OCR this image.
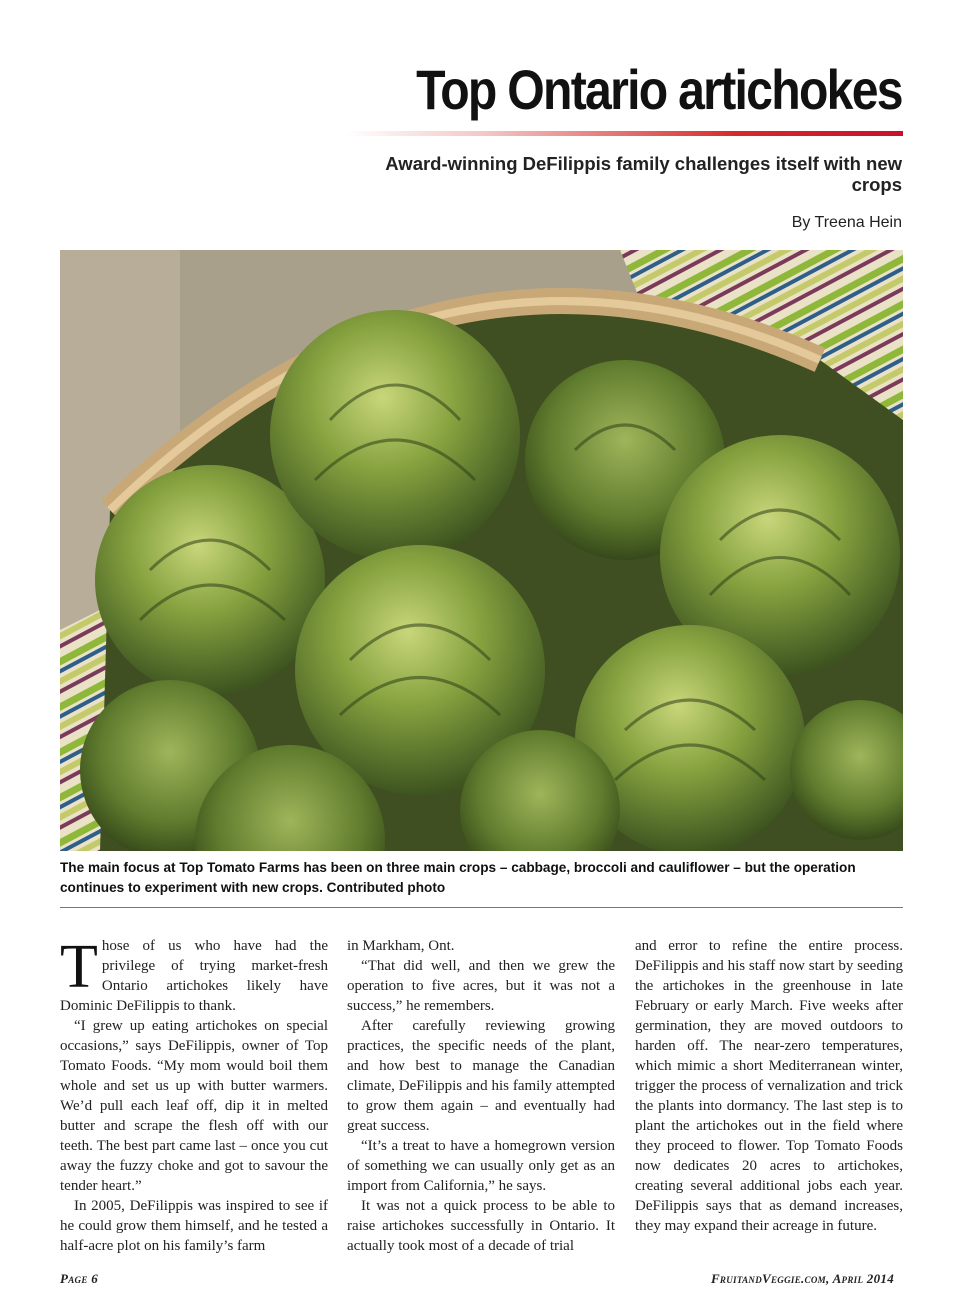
Top Ontario artichokes
Award-winning DeFilippis family challenges itself with new crops

By Treena Hein

The main focus at Top Tomato Farms has been on three main crops – cabbage, broccoli and cauliflower – but the operation continues to experiment with new crops. Contributed photo

Those of us who have had the privilege of trying market-fresh Ontario artichokes likely have Dominic DeFilippis to thank.

“I grew up eating artichokes on special occasions,” says DeFilippis, owner of Top Tomato Foods. “My mom would boil them whole and set us up with butter warmers. We’d pull each leaf off, dip it in melted butter and scrape the flesh off with our teeth. The best part came last – once you cut away the fuzzy choke and got to savour the tender heart.”

In 2005, DeFilippis was inspired to see if he could grow them himself, and he tested a half-acre plot on his family’s farm

in Markham, Ont.

“That did well, and then we grew the operation to five acres, but it was not a success,” he remembers.

After carefully reviewing growing practices, the specific needs of the plant, and how best to manage the Canadian climate, DeFilippis and his family attempted to grow them again – and eventually had great success.

“It’s a treat to have a homegrown version of something we can usually only get as an import from California,” he says.

It was not a quick process to be able to raise artichokes successfully in Ontario. It actually took most of a decade of trial

and error to refine the entire process. DeFilippis and his staff now start by seeding the artichokes in the greenhouse in late February or early March. Five weeks after germination, they are moved outdoors to harden off. The near-zero temperatures, which mimic a short Mediterranean winter, trigger the process of vernalization and trick the plants into dormancy. The last step is to plant the artichokes out in the field where they proceed to flower. Top Tomato Foods now dedicates 20 acres to artichokes, creating several additional jobs each year. DeFilippis says that as demand increases, they may expand their acreage in future.

Page 6	FruitandVeggie.com, April 2014
